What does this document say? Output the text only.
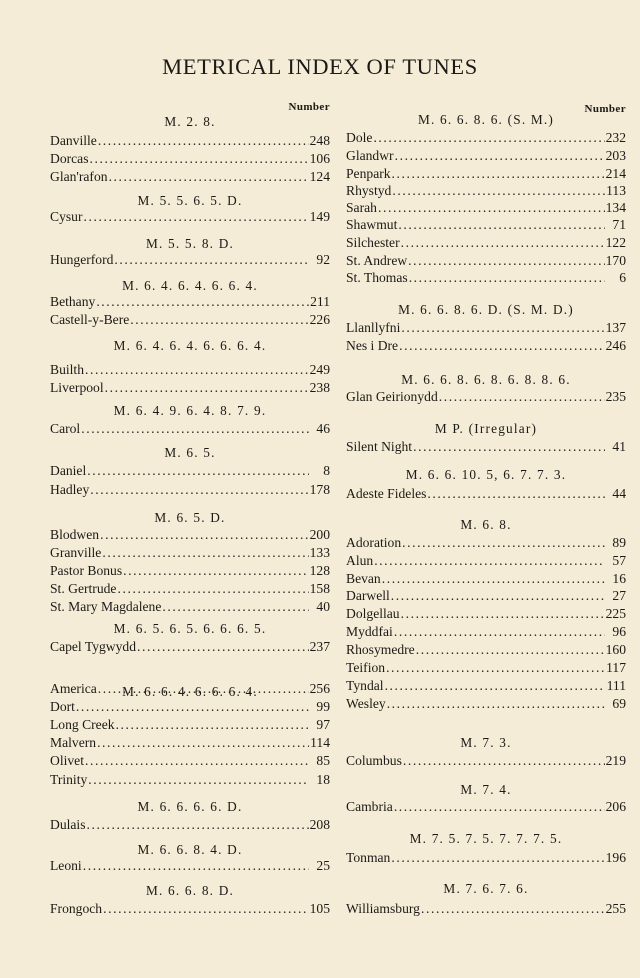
METRICAL INDEX OF TUNES
Number
M. 2. 8.
Danville .....	248
Dorcas .....	106
Glan'rafon .....	124
M. 5. 5. 6. 5. D.
Cysur .....	149
M. 5. 5. 8. D.
Hungerford .....	92
M. 6. 4. 6. 4. 6. 6. 4.
Bethany .....	211
Castell-y-Bere .....	226
M. 6. 4. 6. 4. 6. 6. 6. 4.
Builth .....	249
Liverpool .....	238
M. 6. 4. 9. 6. 4. 8. 7. 9.
Carol .....	46
M. 6. 5.
Daniel .....	8
Hadley .....	178
M. 6. 5. D.
Blodwen .....	200
Granville .....	133
Pastor Bonus .....	128
St. Gertrude .....	158
St. Mary Magdalene .....	40
M. 6. 5. 6. 5. 6. 6. 6. 5.
Capel Tygwydd .....	237
M. 6. 6. 4. 6. 6. 6. 4.
America .....	256
Dort .....	99
Long Creek .....	97
Malvern .....	114
Olivet .....	85
Trinity .....	18
M. 6. 6. 6. 6. D.
Dulais .....	208
M. 6. 6. 8. 4. D.
Leoni .....	25
M. 6. 6. 8. D.
Frongoch .....	105
Number
M. 6. 6. 8. 6. (S. M.)
Dole .....	232
Glandwr .....	203
Penpark .....	214
Rhystyd .....	113
Sarah .....	134
Shawmut .....	71
Silchester .....	122
St. Andrew .....	170
St. Thomas .....	6
M. 6. 6. 8. 6. D. (S. M. D.)
Llanllyfni .....	137
Nes i Dre .....	246
M. 6. 6. 8. 6. 8. 6. 8. 8. 6.
Glan Geirionydd .....	235
M P. (Irregular)
Silent Night .....	41
M. 6. 6. 10. 5, 6. 7. 7. 3.
Adeste Fideles .....	44
M. 6. 8.
Adoration .....	89
Alun .....	57
Bevan .....	16
Darwell .....	27
Dolgellau .....	225
Myddfai .....	96
Rhosymedre .....	160
Teifion .....	117
Tyndal .....	111
Wesley .....	69
M. 7. 3.
Columbus .....	219
M. 7. 4.
Cambria .....	206
M. 7. 5. 7. 5. 7. 7. 7. 5.
Tonman .....	196
M. 7. 6. 7. 6.
Williamsburg .....	255
